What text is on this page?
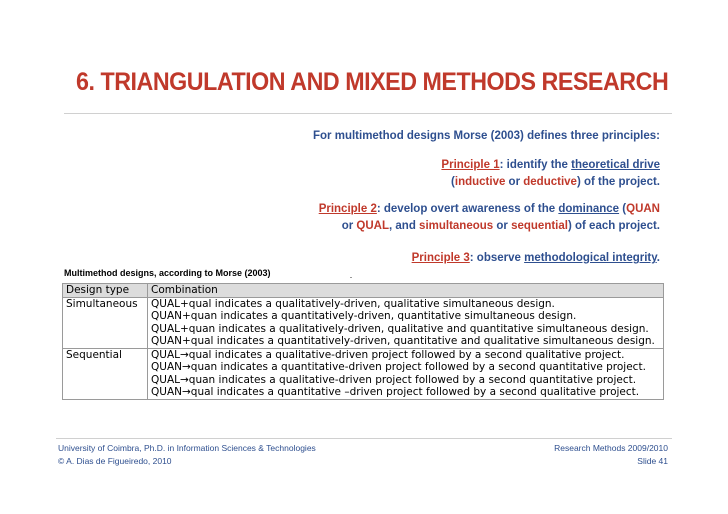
6. TRIANGULATION AND MIXED METHODS RESEARCH
For multimethod designs Morse (2003) defines three principles:
Principle 1: identify the theoretical drive
(inductive or deductive) of the project.
Principle 2: develop overt awareness of the dominance (QUAN
or QUAL, and simultaneous or sequential) of each project.
Principle 3: observe methodological integrity.
Multimethod designs, according to Morse (2003)
Design type	Combination
Simultaneous	QUAL+qual indicates a qualitatively-driven, qualitative simultaneous design.
QUAN+quan indicates a quantitatively-driven, quantitative simultaneous design.
QUAL+quan indicates a qualitatively-driven, qualitative and quantitative simultaneous design.
QUAN+qual indicates a quantitatively-driven, quantitative and qualitative simultaneous design.

Sequential	QUAL→qual indicates a qualitative-driven project followed by a second qualitative project.
QUAN→quan indicates a quantitative-driven project followed by a second quantitative project.
QUAL→quan indicates a qualitative-driven project followed by a second quantitative project.
QUAN→qual indicates a quantitative –driven project followed by a second qualitative project.
University of Coimbra, Ph.D. in Information Sciences & Technologies
© A. Dias de Figueiredo, 2010
Research Methods 2009/2010
Slide 41
